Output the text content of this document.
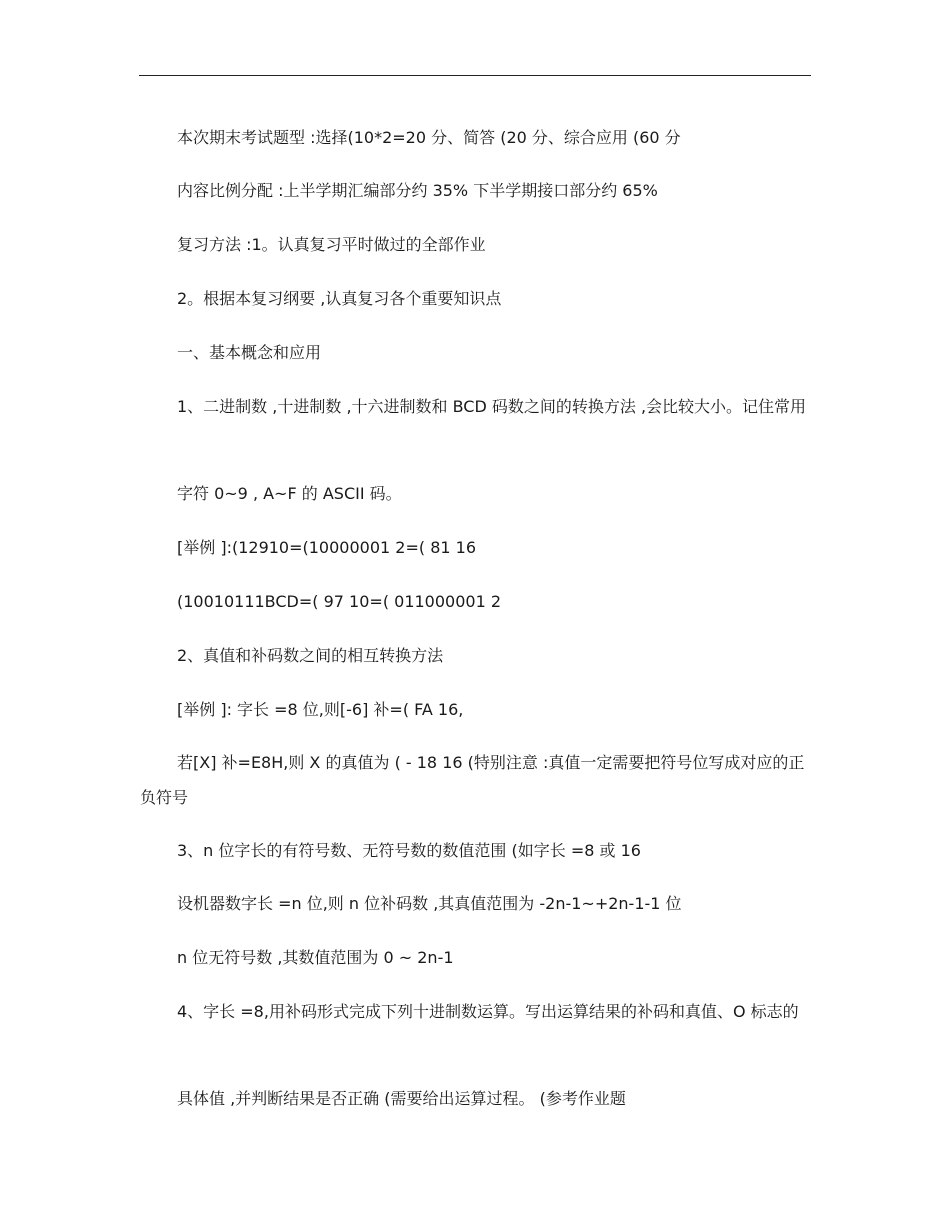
本次期末考试题型 :选择(10*2=20 分、简答 (20 分、综合应用 (60 分
内容比例分配 :上半学期汇编部分约 35% 下半学期接口部分约 65%
复习方法 :1。认真复习平时做过的全部作业
2。根据本复习纲要 ,认真复习各个重要知识点
一、基本概念和应用
1、二进制数 ,十进制数 ,十六进制数和 BCD 码数之间的转换方法 ,会比较大小。记住常用
字符 0~9 , A~F 的 ASCII 码。
[举例 ]:(12910=(10000001 2=( 81 16
(10010111BCD=( 97 10=( 011000001 2
2、真值和补码数之间的相互转换方法
[举例 ]: 字长 =8 位,则[-6] 补=( FA 16,
若[X] 补=E8H,则 X 的真值为 ( - 18 16 (特别注意 :真值一定需要把符号位写成对应的正负符号
3、n 位字长的有符号数、无符号数的数值范围 (如字长 =8 或 16
设机器数字长 =n 位,则 n 位补码数 ,其真值范围为 -2n-1~+2n-1-1 位
n 位无符号数 ,其数值范围为 0 ~ 2n-1
4、字长 =8,用补码形式完成下列十进制数运算。写出运算结果的补码和真值、O 标志的
具体值 ,并判断结果是否正确 (需要给出运算过程。 (参考作业题
